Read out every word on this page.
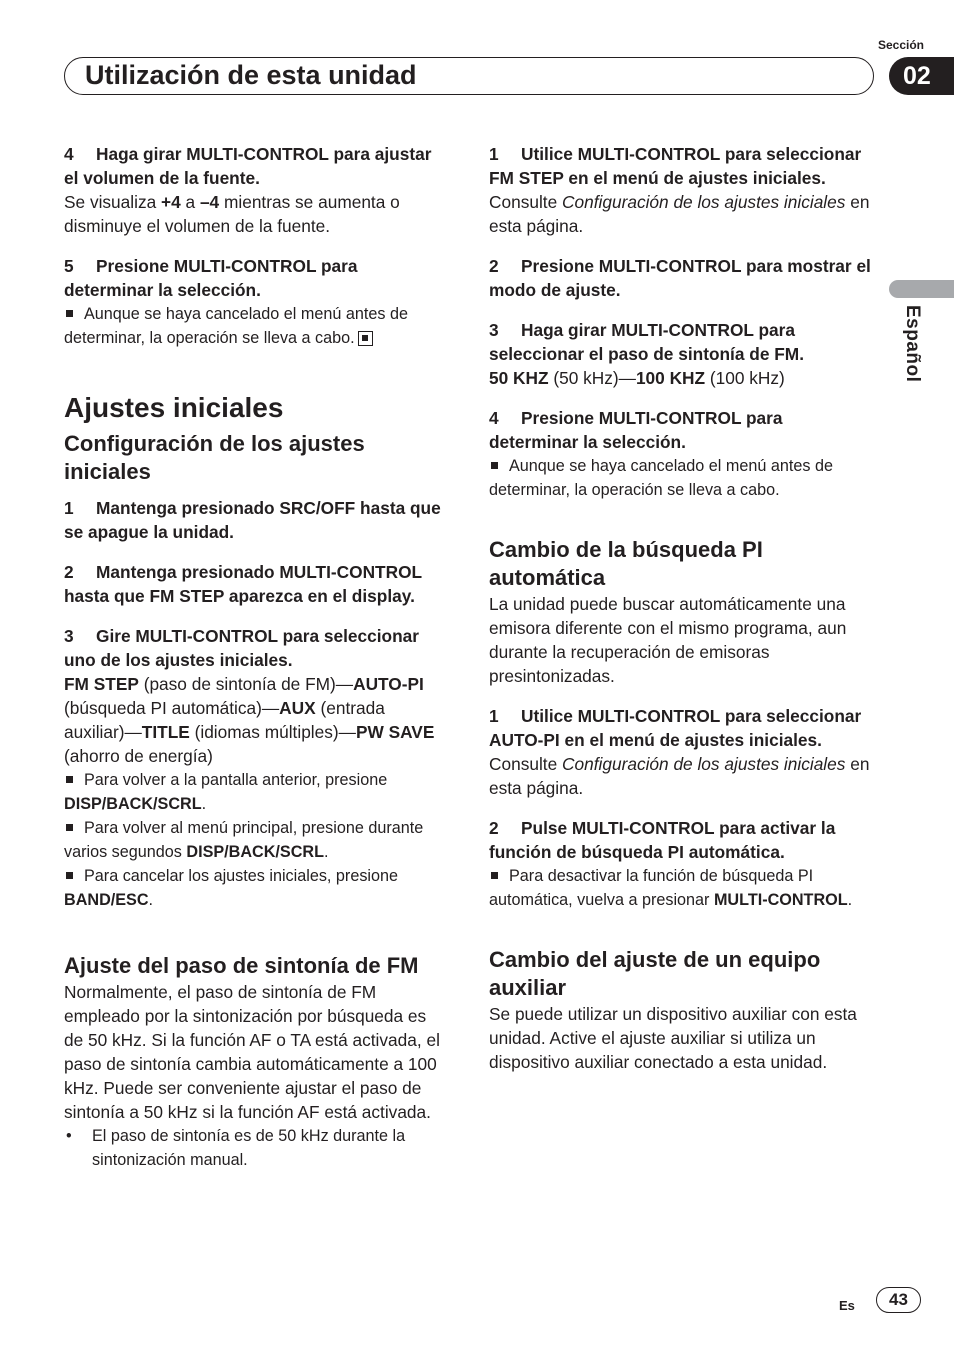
Sección
Utilización de esta unidad	02
Español

4 Haga girar MULTI-CONTROL para ajustar el volumen de la fuente.

Se visualiza +4 a –4 mientras se aumenta o disminuye el volumen de la fuente.

5 Presione MULTI-CONTROL para determinar la selección.

Aunque se haya cancelado el menú antes de determinar, la operación se lleva a cabo.

Ajustes iniciales
Configuración de los ajustes iniciales

1 Mantenga presionado SRC/OFF hasta que se apague la unidad.

2 Mantenga presionado MULTI-CONTROL hasta que FM STEP aparezca en el display.

3 Gire MULTI-CONTROL para seleccionar uno de los ajustes iniciales.

FM STEP (paso de sintonía de FM)—AUTO-PI (búsqueda PI automática)—AUX (entrada auxiliar)—TITLE (idiomas múltiples)—PW SAVE (ahorro de energía)

Para volver a la pantalla anterior, presione DISP/BACK/SCRL.

Para volver al menú principal, presione durante varios segundos DISP/BACK/SCRL.

Para cancelar los ajustes iniciales, presione BAND/ESC.

Ajuste del paso de sintonía de FM

Normalmente, el paso de sintonía de FM empleado por la sintonización por búsqueda es de 50 kHz. Si la función AF o TA está activada, el paso de sintonía cambia automáticamente a 100 kHz. Puede ser conveniente ajustar el paso de sintonía a 50 kHz si la función AF está activada.

•	El paso de sintonía es de 50 kHz durante la sintonización manual.

1 Utilice MULTI-CONTROL para seleccionar FM STEP en el menú de ajustes iniciales.

Consulte Configuración de los ajustes iniciales en esta página.

2 Presione MULTI-CONTROL para mostrar el modo de ajuste.

3 Haga girar MULTI-CONTROL para seleccionar el paso de sintonía de FM.

50 KHZ (50 kHz)—100 KHZ (100 kHz)

4 Presione MULTI-CONTROL para determinar la selección.

Aunque se haya cancelado el menú antes de determinar, la operación se lleva a cabo.

Cambio de la búsqueda PI automática

La unidad puede buscar automáticamente una emisora diferente con el mismo programa, aun durante la recuperación de emisoras presintonizadas.

1 Utilice MULTI-CONTROL para seleccionar AUTO-PI en el menú de ajustes iniciales.

Consulte Configuración de los ajustes iniciales en esta página.

2 Pulse MULTI-CONTROL para activar la función de búsqueda PI automática.

Para desactivar la función de búsqueda PI automática, vuelva a presionar MULTI-CONTROL.

Cambio del ajuste de un equipo auxiliar

Se puede utilizar un dispositivo auxiliar con esta unidad. Active el ajuste auxiliar si utiliza un dispositivo auxiliar conectado a esta unidad.

Es	43
